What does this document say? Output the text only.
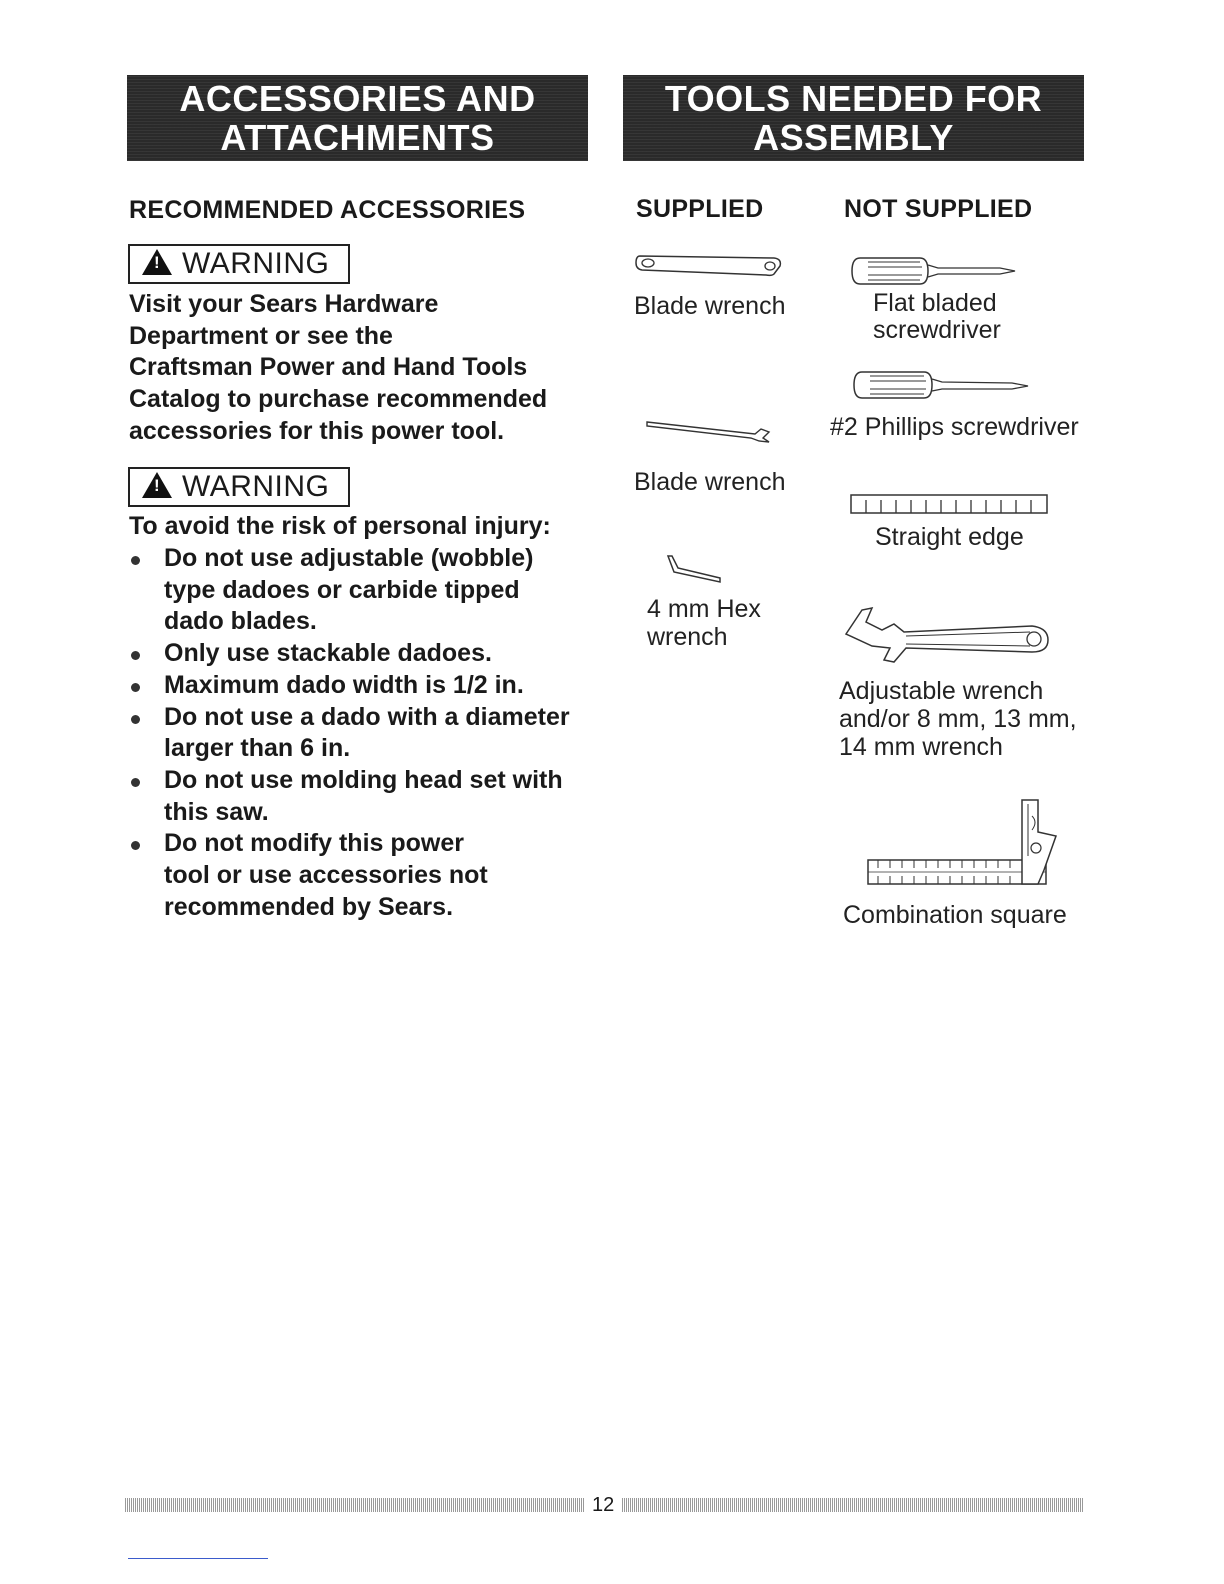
ACCESSORIES AND
ATTACHMENTS
TOOLS NEEDED FOR
ASSEMBLY
RECOMMENDED ACCESSORIES
!WARNING
Visit your Sears Hardware
Department or see the
Craftsman Power and Hand Tools
Catalog to purchase recommended
accessories for this power tool.
!WARNING
To avoid the risk of personal injury:
Do not use adjustable (wobble)
type dadoes or carbide tipped
dado blades.
Only use stackable dadoes.
Maximum dado width is 1/2 in.
Do not use a dado with a diameter
larger than 6 in.
Do not use molding head set with
this saw.
Do not modify this power
tool or use accessories not
recommended by Sears.
SUPPLIED	NOT SUPPLIED
Blade wrench
Blade wrench
4 mm Hex
wrench
Flat bladed
screwdriver
#2 Phillips screwdriver
Straight edge
Adjustable wrench
and/or 8 mm, 13 mm,
14 mm wrench
Combination square
12
